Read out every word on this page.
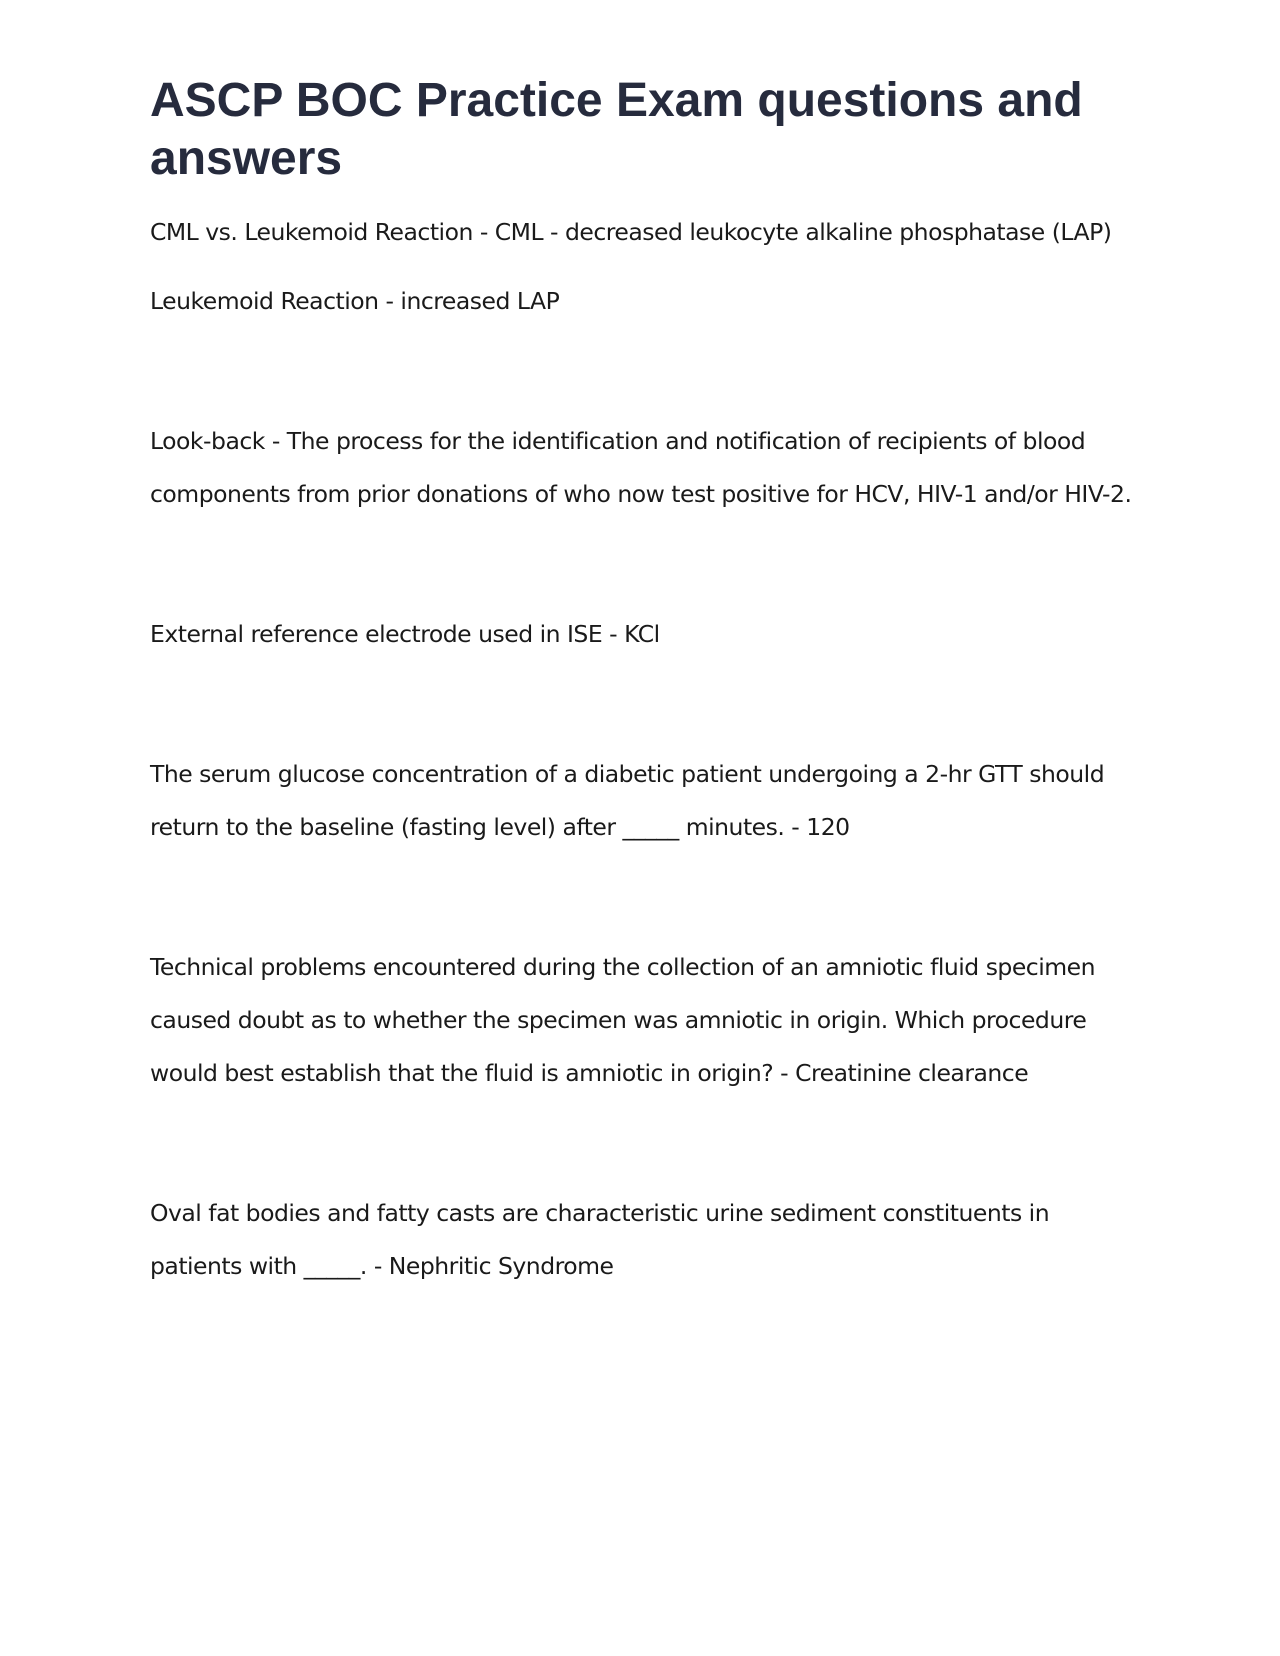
ASCP BOC Practice Exam questions and answers

CML vs. Leukemoid Reaction - CML - decreased leukocyte alkaline phosphatase (LAP)

Leukemoid Reaction - increased LAP

Look-back - The process for the identification and notification of recipients of blood components from prior donations of who now test positive for HCV, HIV-1 and/or HIV-2.

External reference electrode used in ISE - KCl

The serum glucose concentration of a diabetic patient undergoing a 2-hr GTT should return to the baseline (fasting level) after _____ minutes. - 120

Technical problems encountered during the collection of an amniotic fluid specimen caused doubt as to whether the specimen was amniotic in origin. Which procedure would best establish that the fluid is amniotic in origin? - Creatinine clearance

Oval fat bodies and fatty casts are characteristic urine sediment constituents in patients with _____. - Nephritic Syndrome
